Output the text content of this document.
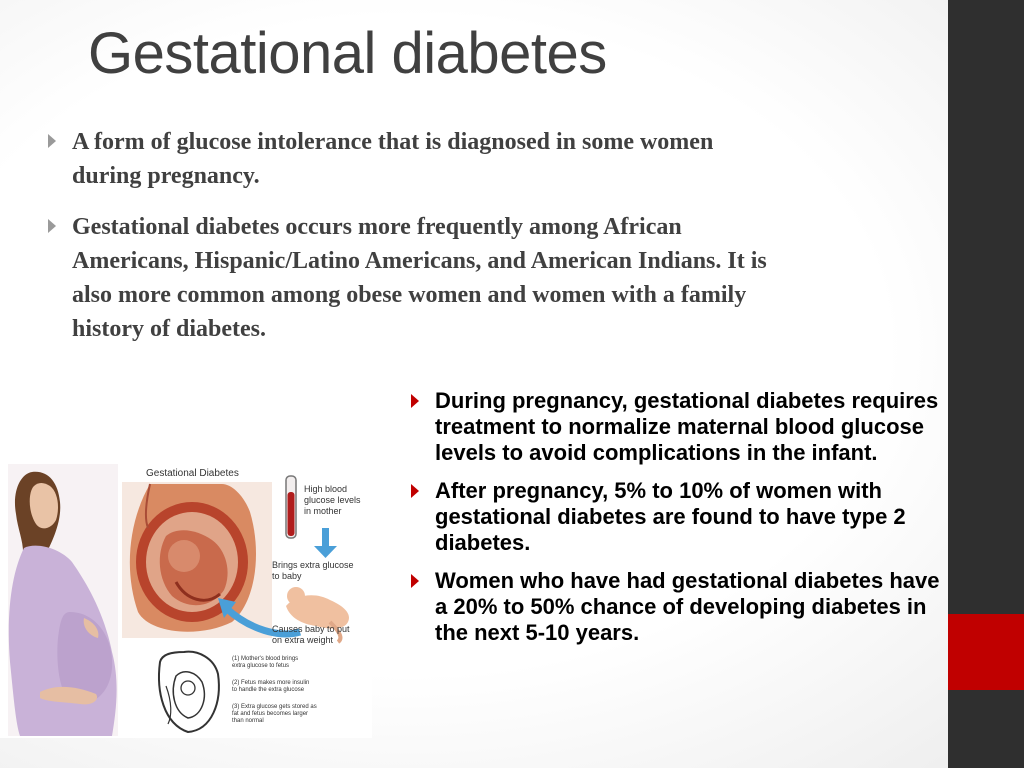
Gestational diabetes
A form of glucose intolerance that is diagnosed in some women during pregnancy.
Gestational diabetes occurs more frequently among African Americans, Hispanic/Latino Americans, and American Indians. It is also more common among obese women and women with a family history of diabetes.
During pregnancy, gestational diabetes requires treatment to normalize maternal blood glucose levels to avoid complications in the infant.
After pregnancy, 5% to 10% of women with gestational diabetes are found to have type 2 diabetes.
Women who have had gestational diabetes have a 20% to 50% chance of developing diabetes in the next 5-10 years.
Gestational Diabetes
High blood glucose levels in mother
Brings extra glucose to baby
Causes baby to put on extra weight
(1) Mother's blood brings extra glucose to fetus
(2) Fetus makes more insulin to handle the extra glucose
(3) Extra glucose gets stored as fat and fetus becomes larger than normal
